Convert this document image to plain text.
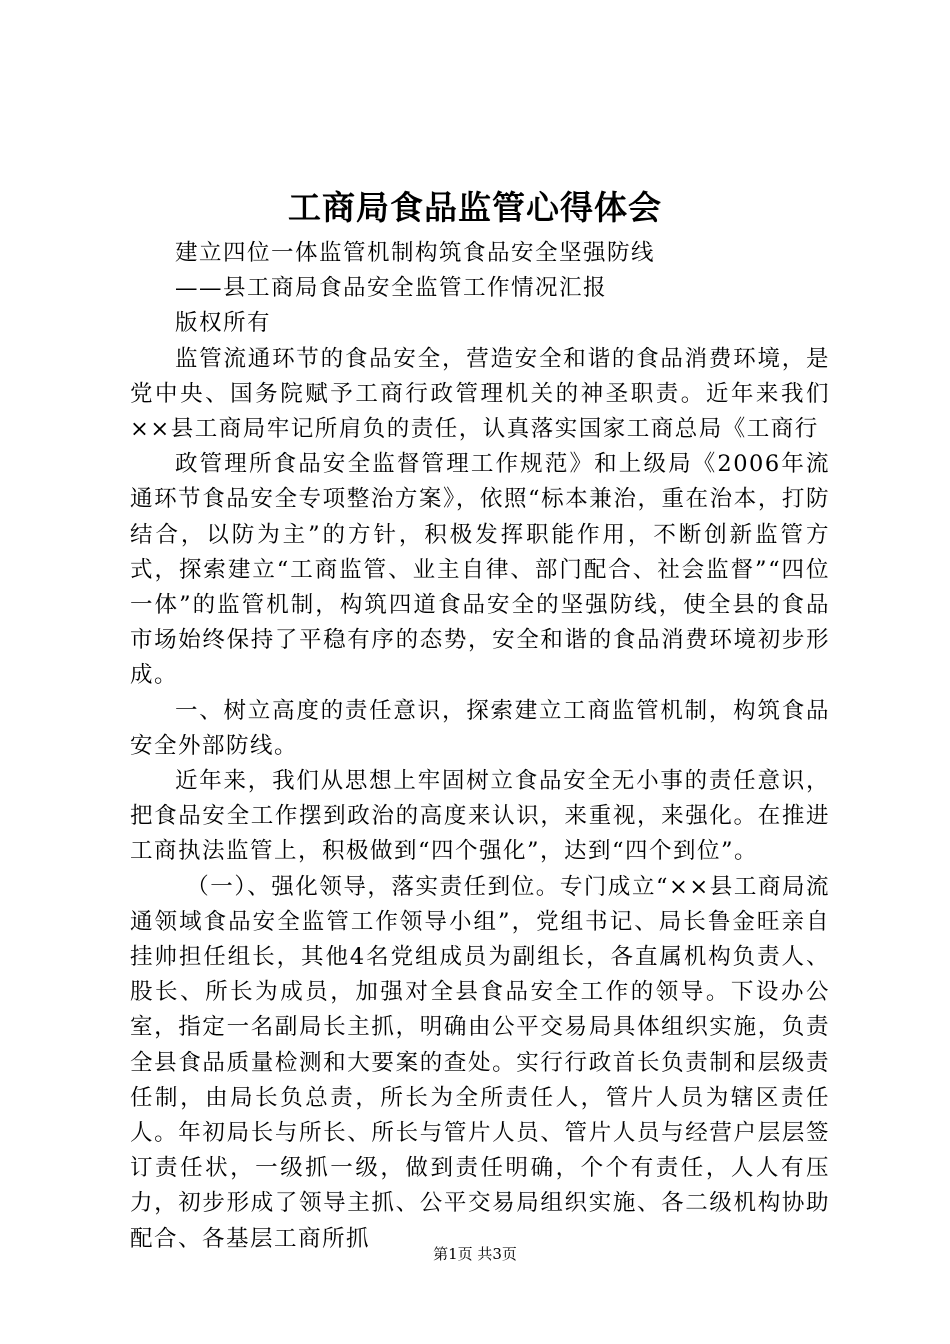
工商局食品监管心得体会

建立四位一体监管机制构筑食品安全坚强防线

——县工商局食品安全监管工作情况汇报

版权所有

监管流通环节的食品安全，营造安全和谐的食品消费环境，是党中央、国务院赋予工商行政管理机关的神圣职责。近年来我们××县工商局牢记所肩负的责任，认真落实国家工商总局《工商行

政管理所食品安全监督管理工作规范》和上级局《2006年流通环节食品安全专项整治方案》，依照“标本兼治，重在治本，打防结合，以防为主”的方针，积极发挥职能作用，不断创新监管方式，探索建立“工商监管、业主自律、部门配合、社会监督”“四位一体”的监管机制，构筑四道食品安全的坚强防线，使全县的食品市场始终保持了平稳有序的态势，安全和谐的食品消费环境初步形成。

一、树立高度的责任意识，探索建立工商监管机制，构筑食品安全外部防线。

近年来，我们从思想上牢固树立食品安全无小事的责任意识，把食品安全工作摆到政治的高度来认识，来重视，来强化。在推进工商执法监管上，积极做到“四个强化”，达到“四个到位”。

（一）、强化领导，落实责任到位。专门成立“××县工商局流通领域食品安全监管工作领导小组”，党组书记、局长鲁金旺亲自挂帅担任组长，其他4名党组成员为副组长，各直属机构负责人、股长、所长为成员，加强对全县食品安全工作的领导。下设办公室，指定一名副局长主抓，明确由公平交易局具体组织实施，负责全县食品质量检测和大要案的查处。实行行政首长负责制和层级责任制，由局长负总责，所长为全所责任人，管片人员为辖区责任人。年初局长与所长、所长与管片人员、管片人员与经营户层层签订责任状，一级抓一级，做到责任明确，个个有责任，人人有压力，初步形成了领导主抓、公平交易局组织实施、各二级机构协助配合、各基层工商所抓

第1页 共3页
